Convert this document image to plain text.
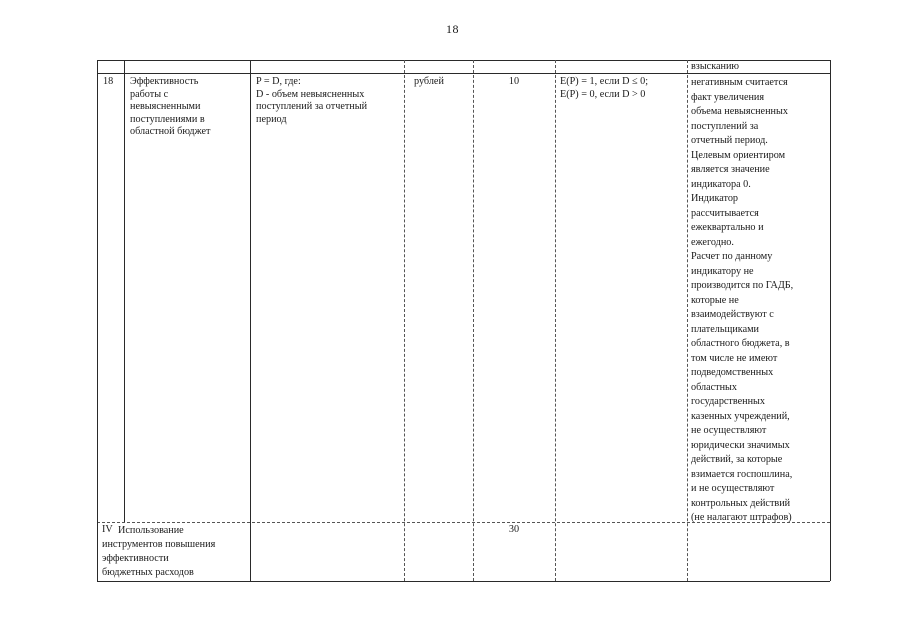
18
взысканию
18 Эффективность
работы с
невыясненными
поступлениями в
областной бюджет
P = D, где:
D - объем невыясненных
поступлений за отчетный
период
рублей	10	E(P) = 1, если D ≤ 0;
E(P) = 0, если D > 0
негативным считается
факт увеличения
объема невыясненных
поступлений за
отчетный период.
Целевым ориентиром
является значение
индикатора 0.
Индикатор
рассчитывается
ежеквартально и
ежегодно.
Расчет по данному
индикатору не
производится по ГАДБ,
которые не
взаимодействуют с
плательщиками
областного бюджета, в
том числе не имеют
подведомственных
областных
государственных
казенных учреждений,
не осуществляют
юридически значимых
действий, за которые
взимается госпошлина,
и не осуществляют
контрольных действий
(не налагают штрафов)
IV Использование
инструментов повышения
эффективности
бюджетных расходов
30
